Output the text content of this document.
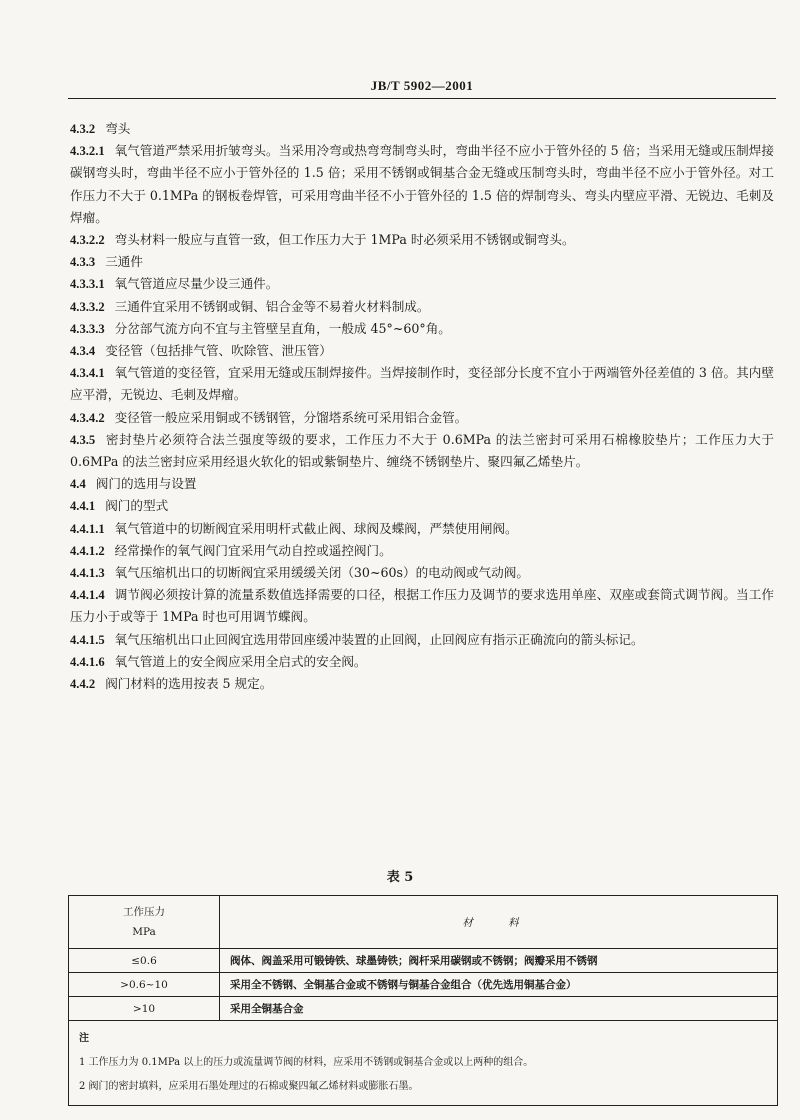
JB/T 5902—2001

4.3.2 弯头

4.3.2.1 氧气管道严禁采用折皱弯头。当采用冷弯或热弯弯制弯头时，弯曲半径不应小于管外径的 5 倍；当采用无缝或压制焊接碳钢弯头时，弯曲半径不应小于管外径的 1.5 倍；采用不锈钢或铜基合金无缝或压制弯头时，弯曲半径不应小于管外径。对工作压力不大于 0.1MPa 的钢板卷焊管，可采用弯曲半径不小于管外径的 1.5 倍的焊制弯头、弯头内壁应平滑、无锐边、毛刺及焊瘤。

4.3.2.2 弯头材料一般应与直管一致，但工作压力大于 1MPa 时必须采用不锈钢或铜弯头。

4.3.3 三通件

4.3.3.1 氧气管道应尽量少设三通件。

4.3.3.2 三通件宜采用不锈钢或铜、铝合金等不易着火材料制成。

4.3.3.3 分岔部气流方向不宜与主管壁呈直角，一般成 45°~60°角。

4.3.4 变径管（包括排气管、吹除管、泄压管）

4.3.4.1 氧气管道的变径管，宜采用无缝或压制焊接件。当焊接制作时，变径部分长度不宜小于两端管外径差值的 3 倍。其内壁应平滑，无锐边、毛刺及焊瘤。

4.3.4.2 变径管一般应采用铜或不锈钢管，分馏塔系统可采用铝合金管。

4.3.5 密封垫片必须符合法兰强度等级的要求，工作压力不大于 0.6MPa 的法兰密封可采用石棉橡胶垫片；工作压力大于 0.6MPa 的法兰密封应采用经退火软化的铝或紫铜垫片、缠绕不锈钢垫片、聚四氟乙烯垫片。

4.4 阀门的选用与设置

4.4.1 阀门的型式

4.4.1.1 氧气管道中的切断阀宜采用明杆式截止阀、球阀及蝶阀，严禁使用闸阀。

4.4.1.2 经常操作的氧气阀门宜采用气动自控或遥控阀门。

4.4.1.3 氧气压缩机出口的切断阀宜采用缓缓关闭（30~60s）的电动阀或气动阀。

4.4.1.4 调节阀必须按计算的流量系数值选择需要的口径，根据工作压力及调节的要求选用单座、双座或套筒式调节阀。当工作压力小于或等于 1MPa 时也可用调节蝶阀。

4.4.1.5 氧气压缩机出口止回阀宜选用带回座缓冲装置的止回阀，止回阀应有指示正确流向的箭头标记。

4.4.1.6 氧气管道上的安全阀应采用全启式的安全阀。

4.4.2 阀门材料的选用按表 5 规定。

表 5
工作压力
MPa	材 料
≤0.6	阀体、阀盖采用可锻铸铁、球墨铸铁；阀杆采用碳钢或不锈钢；阀瓣采用不锈钢
>0.6~10	采用全不锈钢、全铜基合金或不锈钢与铜基合金组合（优先选用铜基合金）
>10	采用全铜基合金

注
1 工作压力为 0.1MPa 以上的压力或流量调节阀的材料，应采用不锈钢或铜基合金或以上两种的组合。
2 阀门的密封填料，应采用石墨处理过的石棉或聚四氟乙烯材料或膨胀石墨。	
